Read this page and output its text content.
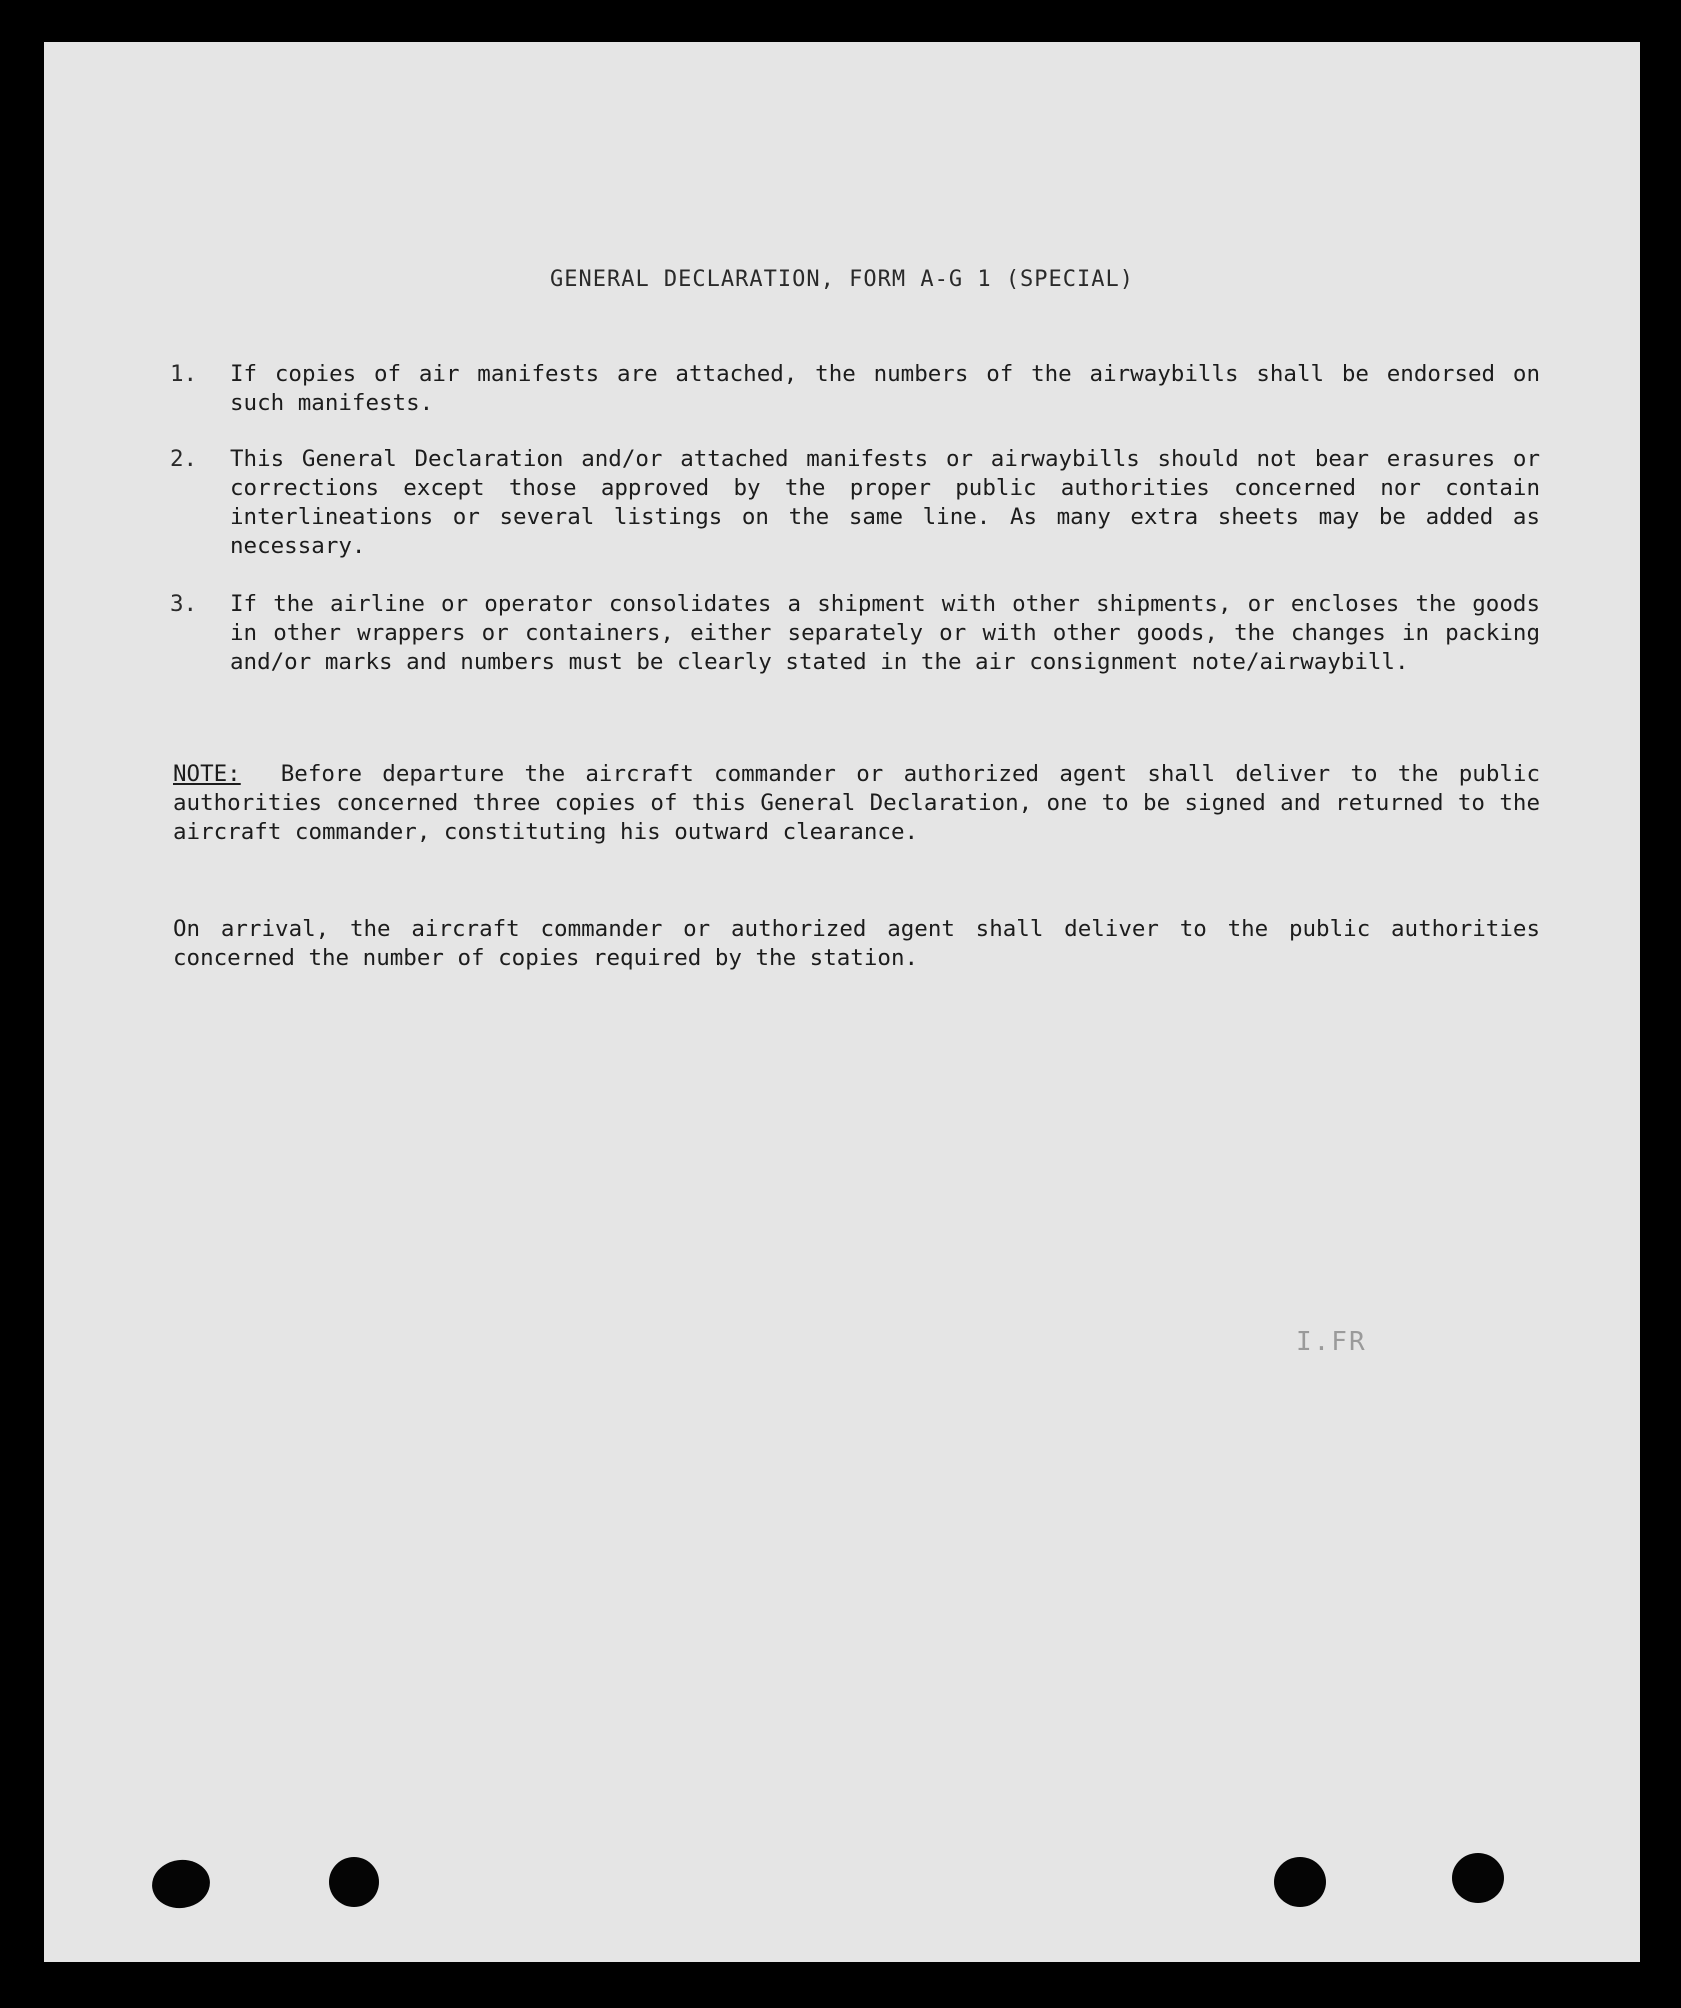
GENERAL DECLARATION, FORM A-G 1 (SPECIAL)
1.	If copies of air manifests are attached, the numbers of the airwaybills shall be endorsed on such manifests.
2.	This General Declaration and/or attached manifests or airwaybills should not bear erasures or corrections except those approved by the proper public authorities concerned nor contain interlineations or several listings on the same line. As many extra sheets may be added as necessary.
3.	If the airline or operator consolidates a shipment with other shipments, or encloses the goods in other wrappers or containers, either separately or with other goods, the changes in packing and/or marks and numbers must be clearly stated in the air consignment note/airwaybill.
NOTE: Before departure the aircraft commander or authorized agent shall deliver to the public authorities concerned three copies of this General Declaration, one to be signed and returned to the aircraft commander, constituting his outward clearance.
On arrival, the aircraft commander or authorized agent shall deliver to the public authorities concerned the number of copies required by the station.
I.FR
